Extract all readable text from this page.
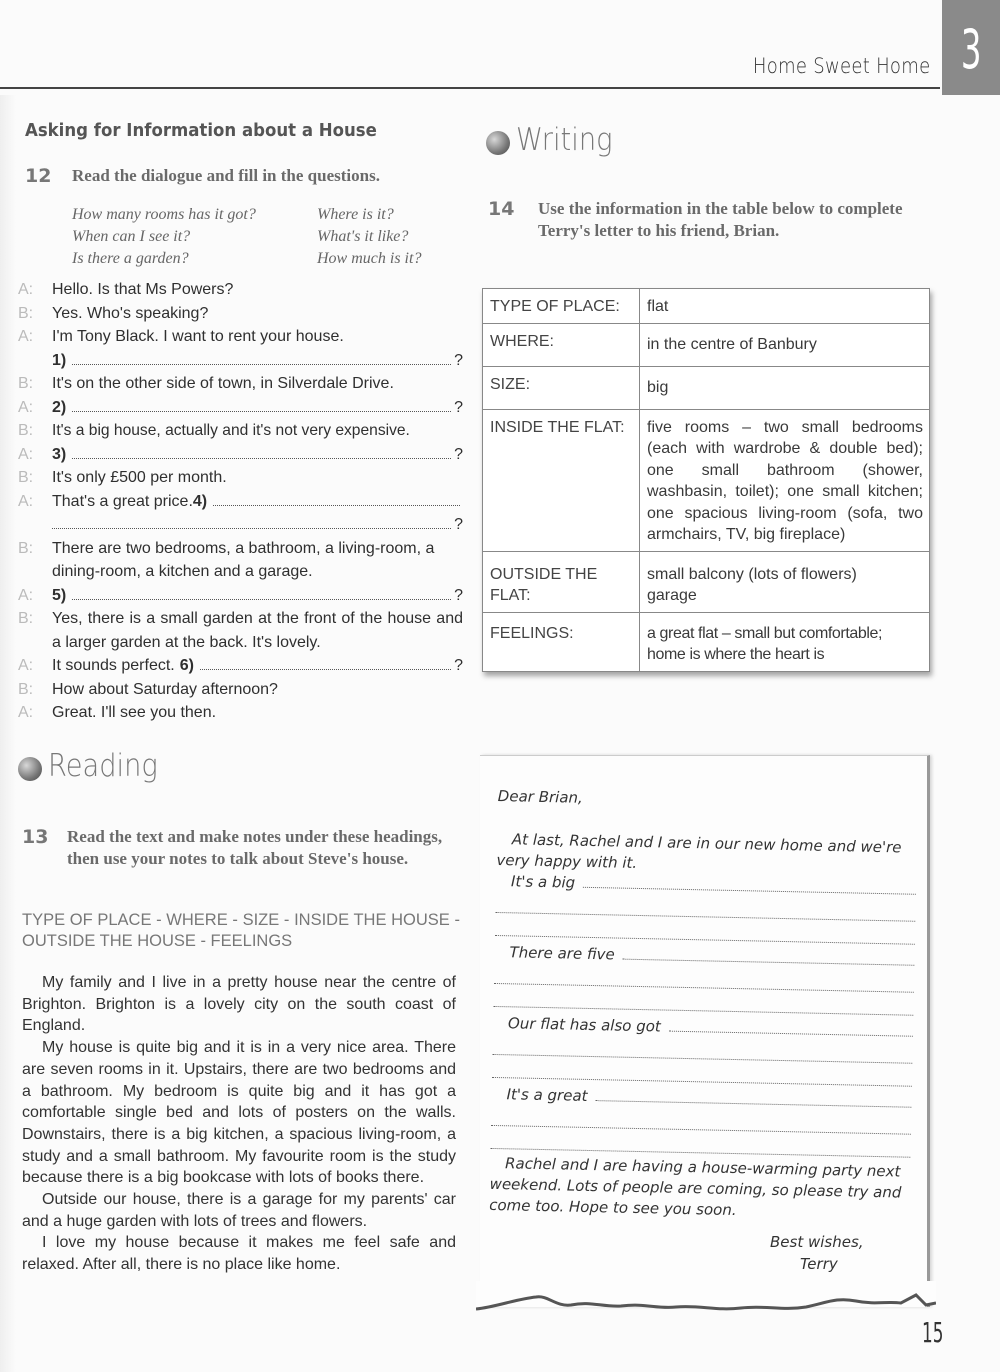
Home Sweet Home 3
Asking for Information about a House
12	Read the dialogue and fill in the questions.
How many rooms has it got?	Where is it?
When can I see it?	What's it like?
Is there a garden?	How much is it?
A:	Hello. Is that Ms Powers?
B:	Yes. Who's speaking?
A:	I'm Tony Black. I want to rent your house.
1)	?
B:	It's on the other side of town, in Silverdale Drive.
A:	2)	?
B:	It's a big house, actually and it's not very expensive.
A:	3)	?
B:	It's only £500 per month.
A:	That's a great price. 4)
?
B:	There are two bedrooms, a bathroom, a living-room, a dining-room, a kitchen and a garage.
A:	5)	?
B:	Yes, there is a small garden at the front of the house and a larger garden at the back. It's lovely.
A:	It sounds perfect. 6)	?
B:	How about Saturday afternoon?
A:	Great. I'll see you then.
Reading
13	Read the text and make notes under these headings, then use your notes to talk about Steve's house.
TYPE OF PLACE - WHERE - SIZE - INSIDE THE HOUSE - OUTSIDE THE HOUSE - FEELINGS

My family and I live in a pretty house near the centre of Brighton. Brighton is a lovely city on the south coast of England.

My house is quite big and it is in a very nice area. There are seven rooms in it. Upstairs, there are two bedrooms and a bathroom. My bedroom is quite big and it has got a comfortable single bed and lots of posters on the walls. Downstairs, there is a big kitchen, a spacious living-room, a study and a small bathroom. My favourite room is the study because there is a big bookcase with lots of books there.

Outside our house, there is a garage for my parents' car and a huge garden with lots of trees and flowers.

I love my house because it makes me feel safe and relaxed. After all, there is no place like home.

Writing
14	Use the information in the table below to complete Terry's letter to his friend, Brian.
TYPE OF PLACE:	flat
WHERE:	in the centre of Banbury
SIZE:	big
INSIDE THE FLAT:	five rooms – two small bedrooms (each with wardrobe & double bed); one small bathroom (shower, washbasin, toilet); one small kitchen; one spacious living-room (sofa, two armchairs, TV, big fireplace)
OUTSIDE THE FLAT:	small balcony (lots of flowers) garage
FEELINGS:	a great flat – small but comfortable; home is where the heart is
Dear Brian,
At last, Rachel and I are in our new home and we're very happy with it.
It's a big
There are five
Our flat has also got
It's a great
Rachel and I are having a house-warming party next weekend. Lots of people are coming, so please try and come too. Hope to see you soon.
Best wishes,
Terry
15
